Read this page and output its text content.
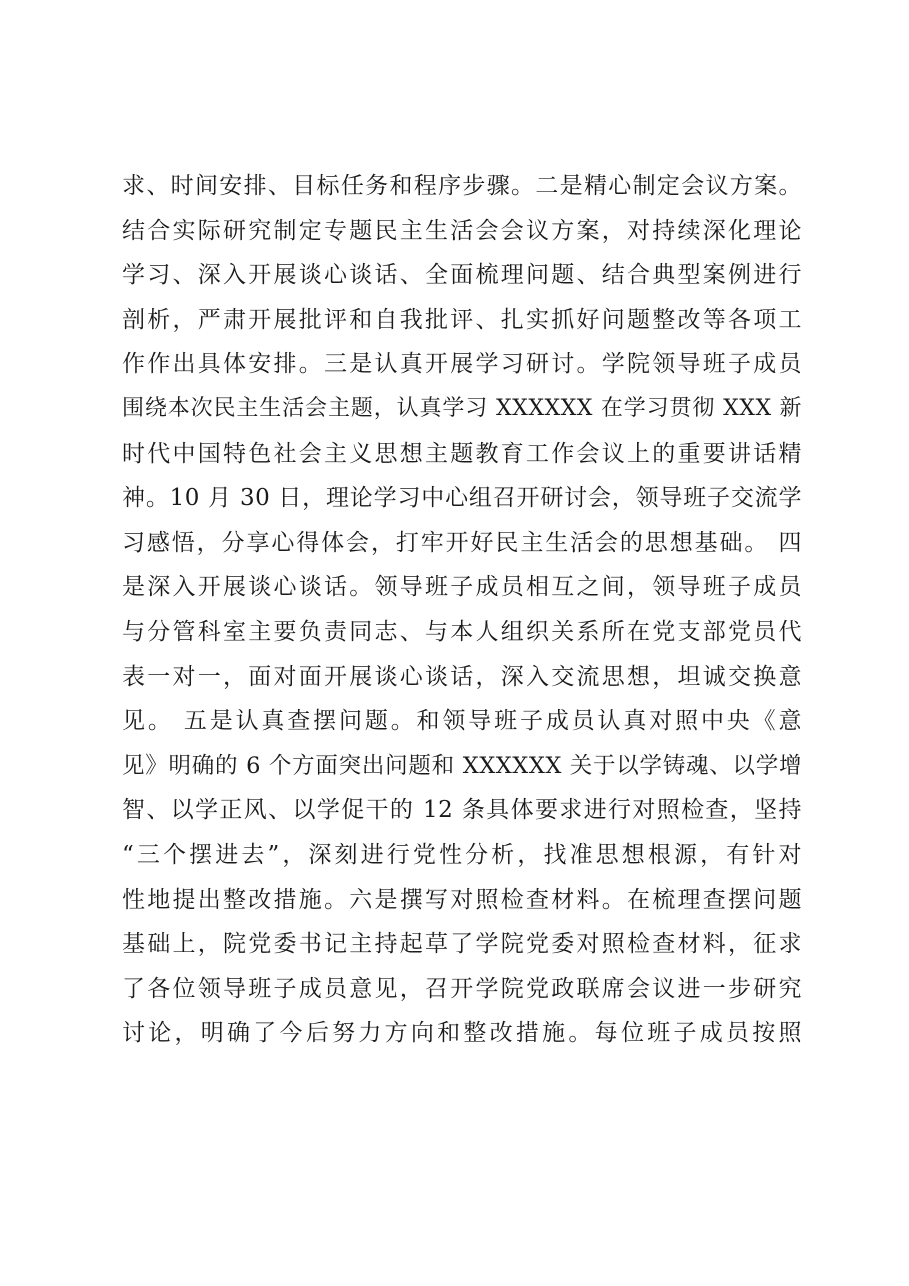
求、时间安排、目标任务和程序步骤。二是精心制定会议方案。
结合实际研究制定专题民主生活会会议方案，对持续深化理论
学习、深入开展谈心谈话、全面梳理问题、结合典型案例进行
剖析，严肃开展批评和自我批评、扎实抓好问题整改等各项工
作作出具体安排。三是认真开展学习研讨。学院领导班子成员
围绕本次民主生活会主题，认真学习 XXXXXX 在学习贯彻 XXX 新
时代中国特色社会主义思想主题教育工作会议上的重要讲话精
神。10 月 30 日，理论学习中心组召开研讨会，领导班子交流学
习感悟，分享心得体会，打牢开好民主生活会的思想基础。 四
是深入开展谈心谈话。领导班子成员相互之间，领导班子成员
与分管科室主要负责同志、与本人组织关系所在党支部党员代
表一对一，面对面开展谈心谈话，深入交流思想，坦诚交换意
见。 五是认真查摆问题。和领导班子成员认真对照中央《意
见》明确的 6 个方面突出问题和 XXXXXX 关于以学铸魂、以学增
智、以学正风、以学促干的 12 条具体要求进行对照检查，坚持
“三个摆进去”，深刻进行党性分析，找准思想根源，有针对
性地提出整改措施。六是撰写对照检查材料。在梳理查摆问题
基础上，院党委书记主持起草了学院党委对照检查材料，征求
了各位领导班子成员意见，召开学院党政联席会议进一步研究
讨论，明确了今后努力方向和整改措施。每位班子成员按照
